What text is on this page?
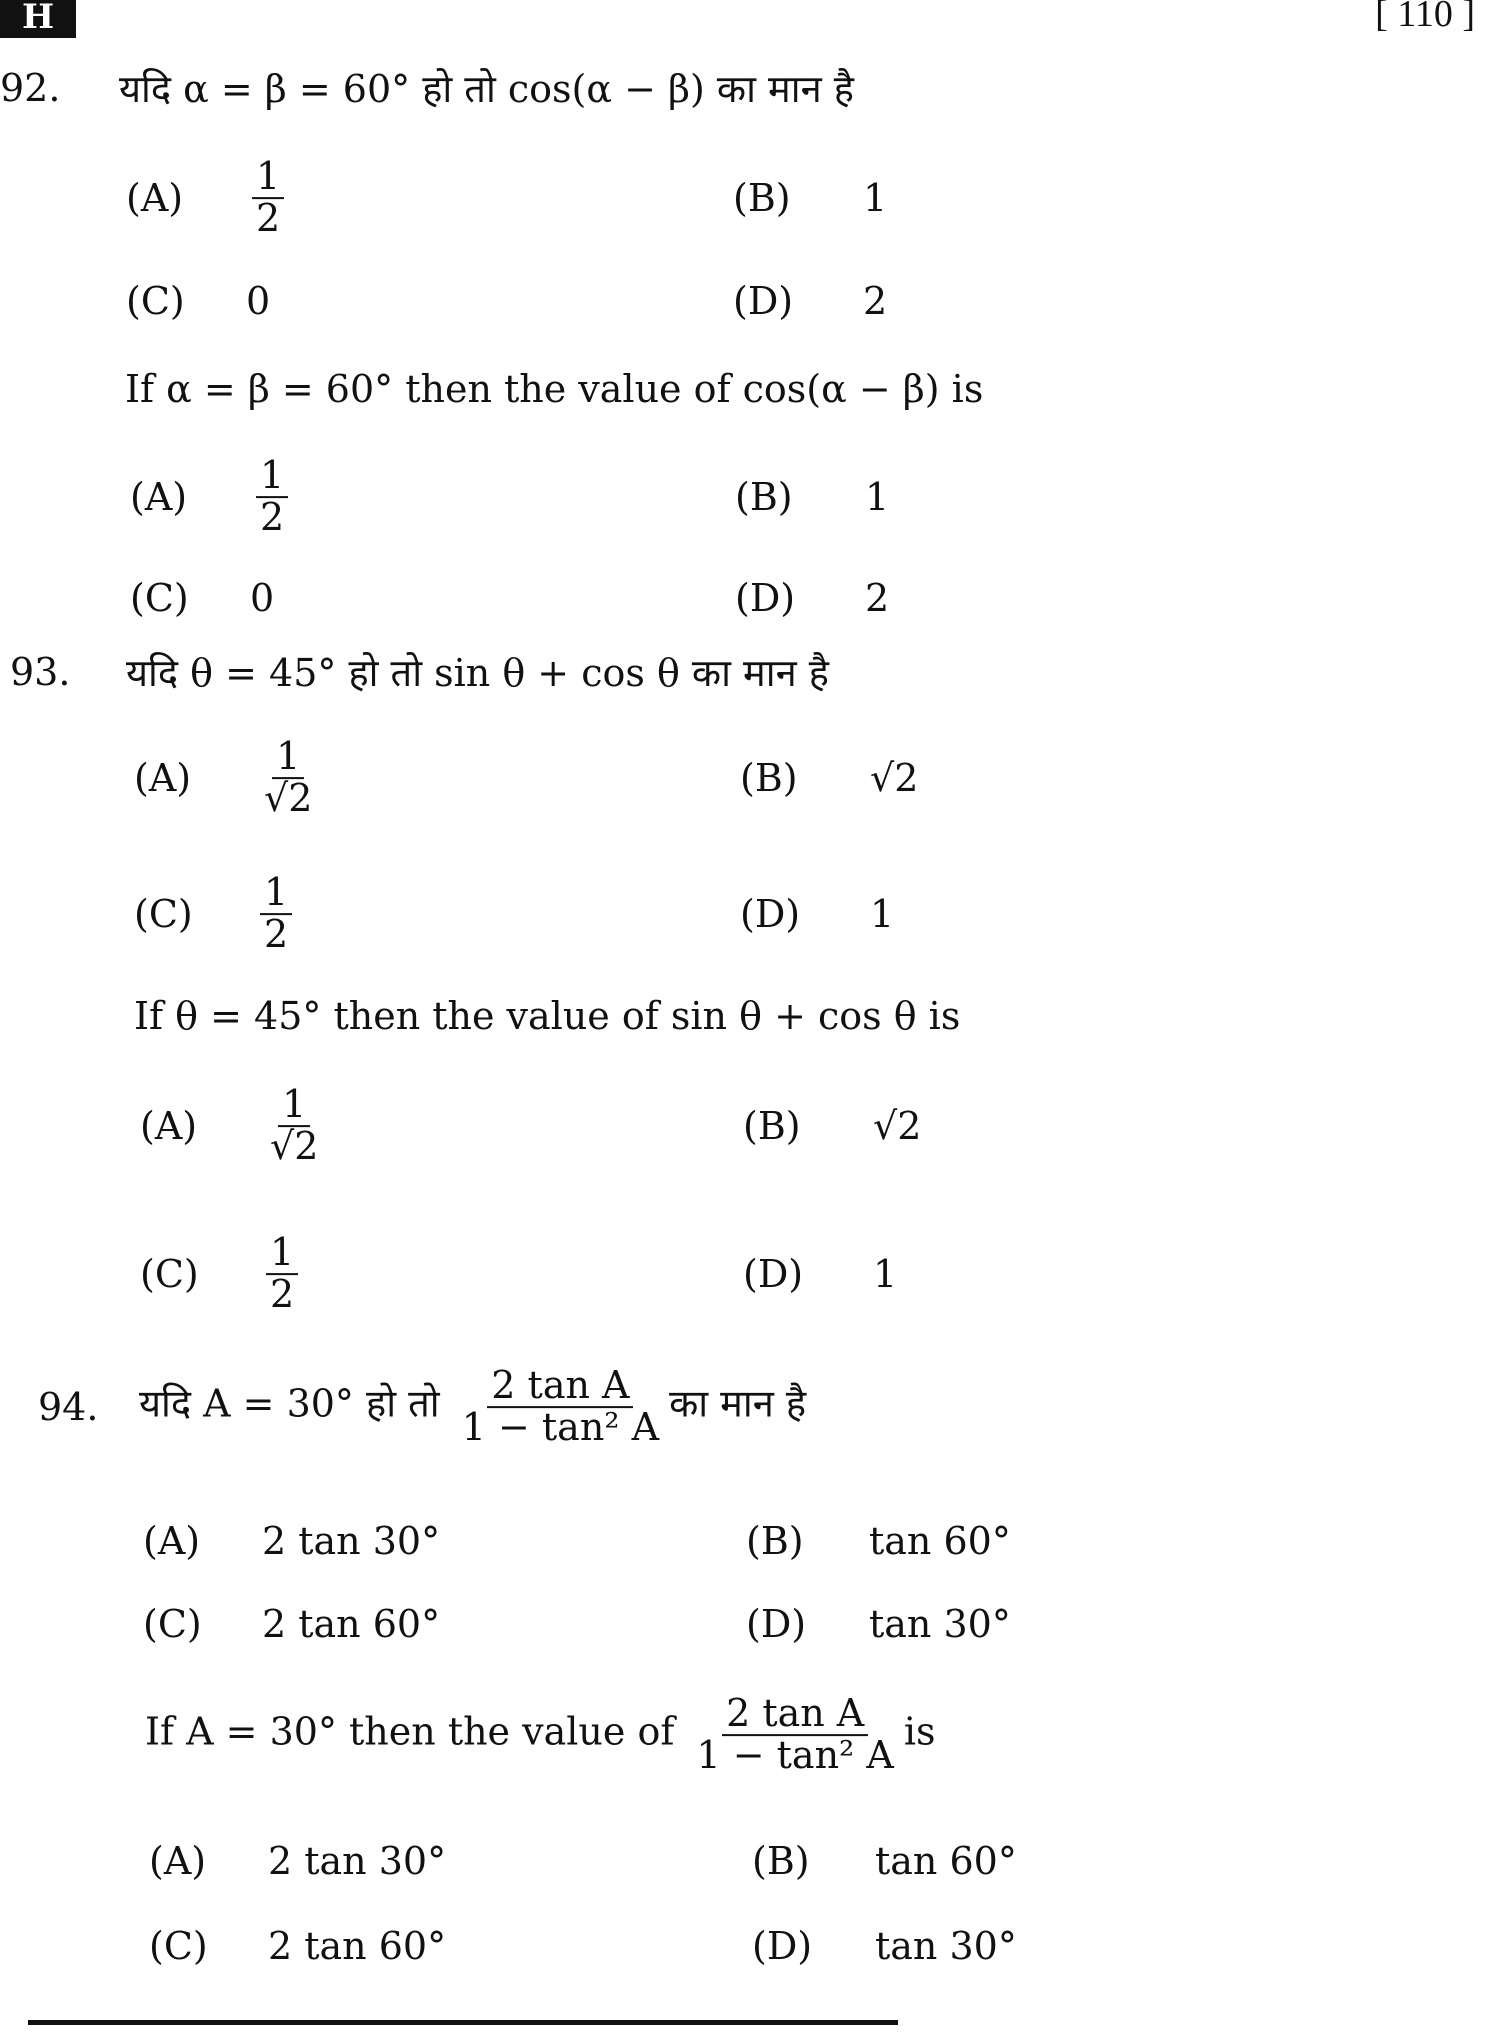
H	[ 110 ]
92. यदि α = β = 60° हो तो cos(α − β) का मान है
If α = β = 60° then the value of cos(α − β) is
$(A) \frac{1}{2}$	(B) 1
(C) 0	(D) 2
$(A) \frac{1}{2}$	(B) 1
(C) 0	(D) 2
93. यदि θ = 45° हो तो sin θ + cos θ का मान है
If θ = 45° then the value of sin θ + cos θ is
$(A) \frac{1}{√2}$	(B) √2
$(C) \frac{1}{2}$	(D) 1
$(A) \frac{1}{√2}$	(B) √2
$(C) \frac{1}{2}$	(D) 1
94. यदि A = 30° हो तो $\frac{\text{2 tan A}}{\text{1 − tan² A}}$ का मान है
If A = 30° then the value of $\frac{\text{2 tan A}}{\text{1 − tan² A}}$ is
(A) 2 tan 30°	(B) tan 60°
(C) 2 tan 60°	(D) tan 30°
(A) 2 tan 30°	(B) tan 60°
(C) 2 tan 60°	(D) tan 30°
